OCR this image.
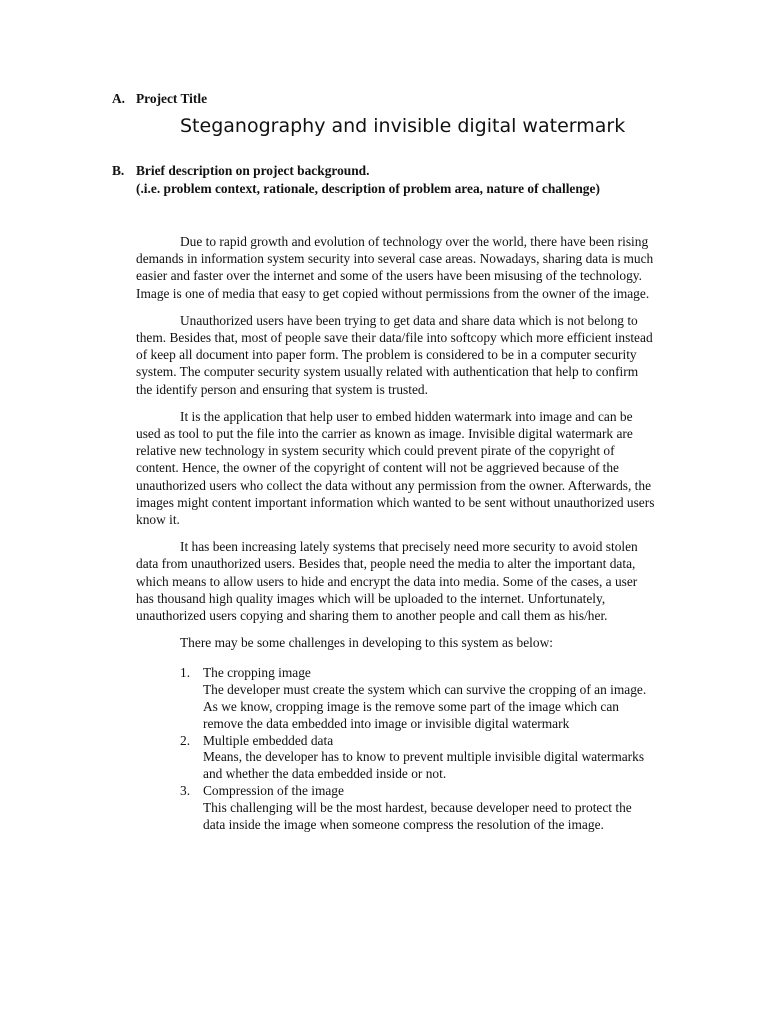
A. Project Title
Steganography and invisible digital watermark
B. Brief description on project background.
(.i.e. problem context, rationale, description of problem area, nature of challenge)

Due to rapid growth and evolution of technology over the world, there have been rising demands in information system security into several case areas. Nowadays, sharing data is much easier and faster over the internet and some of the users have been misusing of the technology. Image is one of media that easy to get copied without permissions from the owner of the image.

Unauthorized users have been trying to get data and share data which is not belong to them. Besides that, most of people save their data/file into softcopy which more efficient instead of keep all document into paper form. The problem is considered to be in a computer security system. The computer security system usually related with authentication that help to confirm the identify person and ensuring that system is trusted.

It is the application that help user to embed hidden watermark into image and can be used as tool to put the file into the carrier as known as image. Invisible digital watermark are relative new technology in system security which could prevent pirate of the copyright of content. Hence, the owner of the copyright of content will not be aggrieved because of the unauthorized users who collect the data without any permission from the owner. Afterwards, the images might content important information which wanted to be sent without unauthorized users know it.

It has been increasing lately systems that precisely need more security to avoid stolen data from unauthorized users. Besides that, people need the media to alter the important data, which means to allow users to hide and encrypt the data into media. Some of the cases, a user has thousand high quality images which will be uploaded to the internet. Unfortunately, unauthorized users copying and sharing them to another people and call them as his/her.

There may be some challenges in developing to this system as below:

1. The cropping image
The developer must create the system which can survive the cropping of an image. As we know, cropping image is the remove some part of the image which can remove the data embedded into image or invisible digital watermark
2. Multiple embedded data
Means, the developer has to know to prevent multiple invisible digital watermarks and whether the data embedded inside or not.
3. Compression of the image
This challenging will be the most hardest, because developer need to protect the data inside the image when someone compress the resolution of the image.
